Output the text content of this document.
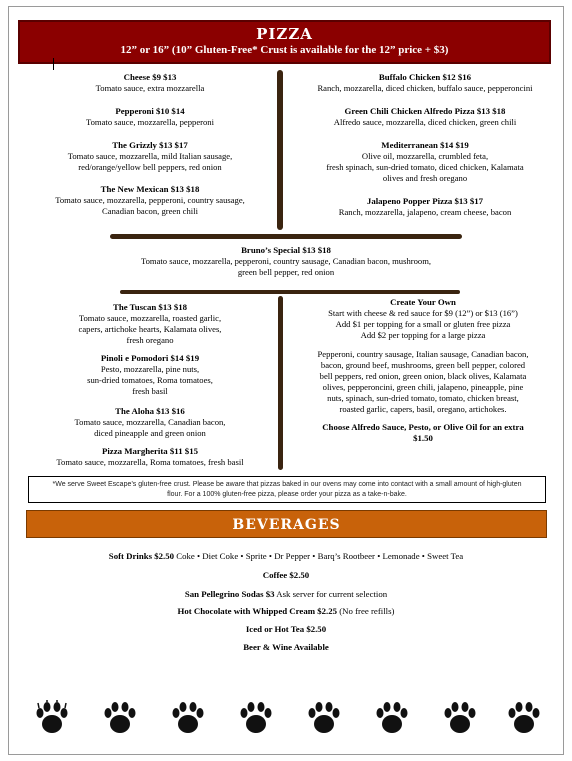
PIZZA
12” or 16” (10” Gluten-Free* Crust is available for the 12” price + $3)
Cheese $9 $13
Tomato sauce, extra mozzarella
Pepperoni $10 $14
Tomato sauce, mozzarella, pepperoni
The Grizzly $13 $17
Tomato sauce, mozzarella, mild Italian sausage,
red/orange/yellow bell peppers, red onion
The New Mexican $13 $18
Tomato sauce, mozzarella, pepperoni, country sausage,
Canadian bacon, green chili
Buffalo Chicken $12 $16
Ranch, mozzarella, diced chicken, buffalo sauce, pepperoncini
Green Chili Chicken Alfredo Pizza $13 $18
Alfredo sauce, mozzarella, diced chicken, green chili
Mediterranean $14 $19
Olive oil, mozzarella, crumbled feta,
fresh spinach, sun-dried tomato, diced chicken, Kalamata
olives and fresh oregano
Jalapeno Popper Pizza $13 $17
Ranch, mozzarella, jalapeno, cream cheese, bacon
Bruno’s Special $13 $18
Tomato sauce, mozzarella, pepperoni, country sausage, Canadian bacon, mushroom,
green bell pepper, red onion
The Tuscan $13 $18
Tomato sauce, mozzarella, roasted garlic,
capers, artichoke hearts, Kalamata olives,
fresh oregano
Pinoli e Pomodori $14 $19
Pesto, mozzarella, pine nuts,
sun-dried tomatoes, Roma tomatoes,
fresh basil
The Aloha $13 $16
Tomato sauce, mozzarella, Canadian bacon,
diced pineapple and green onion
Pizza Margherita $11 $15
Tomato sauce, mozzarella, Roma tomatoes, fresh basil
Create Your Own
Start with cheese & red sauce for $9 (12”) or $13 (16”)
Add $1 per topping for a small or gluten free pizza
Add $2 per topping for a large pizza
Pepperoni, country sausage, Italian sausage, Canadian bacon,
bacon, ground beef, mushrooms, green bell pepper, colored
bell peppers, red onion, green onion, black olives, Kalamata
olives, pepperoncini, green chili, jalapeno, pineapple, pine
nuts, spinach, sun-dried tomato, tomato, chicken breast,
roasted garlic, capers, basil, oregano, artichokes.
Choose Alfredo Sauce, Pesto, or Olive Oil for an extra
$1.50
*We serve Sweet Escape’s gluten-free crust. Please be aware that pizzas baked in our ovens may come into contact with a small amount of high-gluten
flour. For a 100% gluten-free pizza, please order your pizza as a take-n-bake.
BEVERAGES
Soft Drinks $2.50 Coke • Diet Coke • Sprite • Dr Pepper • Barq’s Rootbeer • Lemonade • Sweet Tea
Coffee $2.50
San Pellegrino Sodas $3 Ask server for current selection
Hot Chocolate with Whipped Cream $2.25 (No free refills)
Iced or Hot Tea $2.50
Beer & Wine Available
